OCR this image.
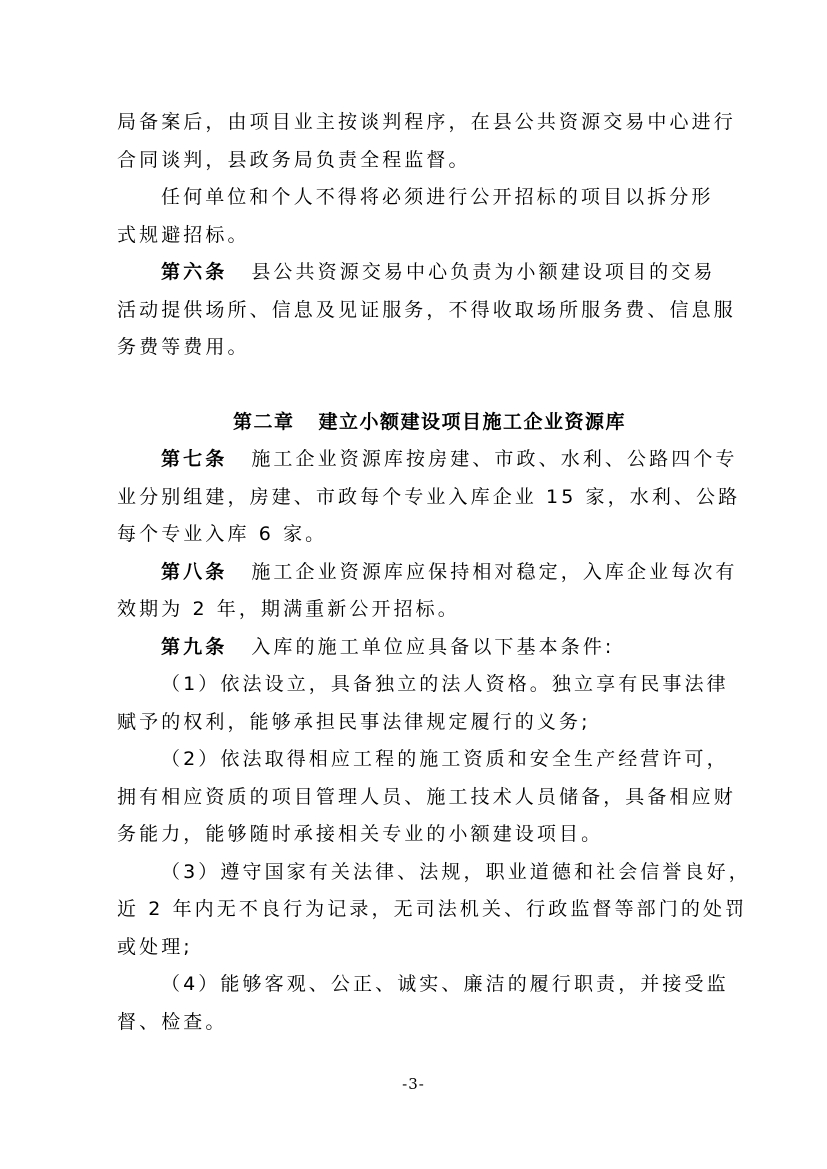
局备案后，由项目业主按谈判程序，在县公共资源交易中心进行
合同谈判，县政务局负责全程监督。
任何单位和个人不得将必须进行公开招标的项目以拆分形
式规避招标。
第六条 县公共资源交易中心负责为小额建设项目的交易
活动提供场所、信息及见证服务，不得收取场所服务费、信息服
务费等费用。
第二章 建立小额建设项目施工企业资源库
第七条 施工企业资源库按房建、市政、水利、公路四个专
业分别组建，房建、市政每个专业入库企业 15 家，水利、公路
每个专业入库 6 家。
第八条 施工企业资源库应保持相对稳定，入库企业每次有
效期为 2 年，期满重新公开招标。
第九条 入库的施工单位应具备以下基本条件:
（1）依法设立，具备独立的法人资格。独立享有民事法律
赋予的权利，能够承担民事法律规定履行的义务;
（2）依法取得相应工程的施工资质和安全生产经营许可，
拥有相应资质的项目管理人员、施工技术人员储备，具备相应财
务能力，能够随时承接相关专业的小额建设项目。
（3）遵守国家有关法律、法规，职业道德和社会信誉良好，
近 2 年内无不良行为记录，无司法机关、行政监督等部门的处罚
或处理;
（4）能够客观、公正、诚实、廉洁的履行职责，并接受监
督、检查。
-3-
